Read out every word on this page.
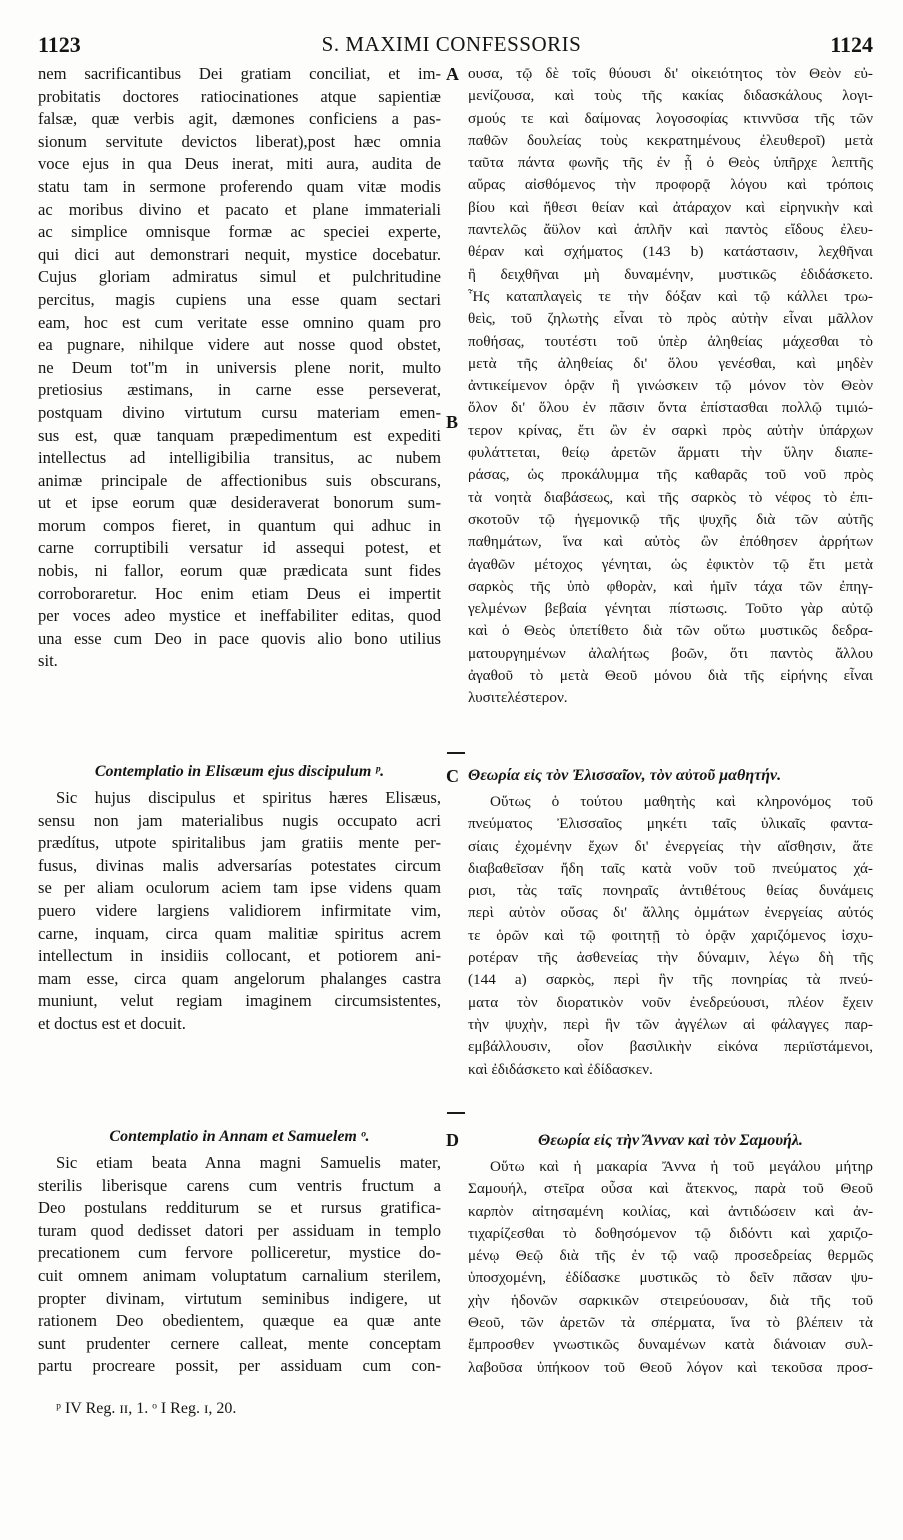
1123	S. MAXIMI CONFESSORIS	1124
nem sacrificantibus Dei gratiam conciliat, et im-
probitatis doctores ratiocinationes atque sapientiæ
falsæ, quæ verbis agit, dæmones conficiens a pas-
sionum servitute devictos liberat),post hæc omnia
voce ejus in qua Deus inerat, miti aura, audita de
statu tam in sermone proferendo quam vitæ modis
ac moribus divino et pacato et plane immateriali
ac simplice omnisque formæ ac speciei experte,
qui dici aut demonstrari nequit, mystice docebatur.
Cujus gloriam admiratus simul et pulchritudine
percitus, magis cupiens una esse quam sectari
eam, hoc est cum veritate esse omnino quam pro
ea pugnare, nihilque videre aut nosse quod obstet,
ne Deum tot"m in universis plene norit, multo
pretiosius æstimans, in carne esse perseverat,
postquam divino virtutum cursu materiam emen-
sus est, quæ tanquam præpedimentum est expediti
intellectus ad intelligibilia transitus, ac nubem
animæ principale de affectionibus suis obscurans,
ut et ipse eorum quæ desideraverat bonorum sum-
morum compos fieret, in quantum qui adhuc in
carne corruptibili versatur id assequi potest, et
nobis, ni fallor, eorum quæ prædicata sunt fides
corroboraretur. Hoc enim etiam Deus ei impertit
per voces adeo mystice et ineffabiliter editas, quod
una esse cum Deo in pace quovis alio bono utilius
sit.
Contemplatio in Elisæum ejus discipulum ᵖ.
Sic hujus discipulus et spiritus hæres Elisæus,
sensu non jam materialibus nugis occupato acri
prædítus, utpote spiritalibus jam gratiis mente per-
fusus, divinas malis adversarías potestates circum
se per aliam oculorum aciem tam ipse videns quam
puero videre largiens validiorem infirmitate vim,
carne, inquam, circa quam malitiæ spiritus acrem
intellectum in insidiis collocant, et potiorem ani-
mam esse, circa quam angelorum phalanges castra
muniunt, velut regiam imaginem circumsistentes,
et doctus est et docuit.
Contemplatio in Annam et Samuelem ᵒ.
Sic etiam beata Anna magni Samuelis mater,
sterilis liberisque carens cum ventris fructum a
Deo postulans redditurum se et rursus gratifica-
turam quod dedisset datori per assiduam in templo
precationem cum fervore polliceretur, mystice do-
cuit omnem animam voluptatum carnalium sterilem,
propter divinam, virtutum seminibus indigere, ut
rationem Deo obedientem, quæque ea quæ ante
sunt prudenter cernere calleat, mente conceptam
partu procreare possit, per assiduam cum con-
ουσα, τῷ δὲ τοῖς θύουσι δι' οἰκειότητος τὸν Θεὸν εὐ-
μενίζουσα, καὶ τοὺς τῆς κακίας διδασκάλους λογι-
σμούς τε καὶ δαίμονας λογοσοφίας κτιννῦσα τῆς τῶν
παθῶν δουλείας τοὺς κεκρατημένους ἐλευθεροῖ) μετὰ
ταῦτα πάντα φωνῆς τῆς ἐν ᾗ ὁ Θεὸς ὑπῆρχε λεπτῆς
αὔρας αἰσθόμενος τὴν προφορᾷ λόγου καὶ τρόποις
βίου καὶ ἤθεσι θείαν καὶ ἀτάραχον καὶ εἰρηνικὴν καὶ
παντελῶς ἄϋλον καὶ ἁπλῆν καὶ παντὸς εἴδους ἐλευ-
θέραν καὶ σχήματος (143 b) κατάστασιν, λεχθῆναι
ἢ δειχθῆναι μὴ δυναμένην, μυστικῶς ἐδιδάσκετο.
Ἧς καταπλαγεὶς τε τὴν δόξαν καὶ τῷ κάλλει τρω-
θεὶς, τοῦ ζηλωτὴς εἶναι τὸ πρὸς αὐτὴν εἶναι μᾶλλον
ποθήσας, τουτέστι τοῦ ὑπὲρ ἀληθείας μάχεσθαι τὸ
μετὰ τῆς ἀληθείας δι' ὅλου γενέσθαι, καὶ μηδὲν
ἀντικείμενον ὁρᾷν ἢ γινώσκειν τῷ μόνον τὸν Θεὸν
ὅλον δι' ὅλου ἐν πᾶσιν ὄντα ἐπίστασθαι πολλῷ τιμιώ-
τερον κρίνας, ἔτι ὢν ἐν σαρκὶ πρὸς αὐτὴν ὑπάρχων
φυλάττεται, θείῳ ἀρετῶν ἅρματι τὴν ὕλην διαπε-
ράσας, ὡς προκάλυμμα τῆς καθαρᾶς τοῦ νοῦ πρὸς
τὰ νοητὰ διαβάσεως, καὶ τῆς σαρκὸς τὸ νέφος τὸ ἐπι-
σκοτοῦν τῷ ἡγεμονικῷ τῆς ψυχῆς διὰ τῶν αὐτῆς
παθημάτων, ἵνα καὶ αὐτὸς ὢν ἐπόθησεν ἀρρήτων
ἀγαθῶν μέτοχος γένηται, ὡς ἐφικτὸν τῷ ἔτι μετὰ
σαρκὸς τῆς ὑπὸ φθορὰν, καὶ ἡμῖν τάχα τῶν ἐπηγ-
γελμένων βεβαία γένηται πίστωσις. Τοῦτο γὰρ αὐτῷ
καὶ ὁ Θεὸς ὑπετίθετο διὰ τῶν οὕτω μυστικῶς δεδρα-
ματουργημένων ἀλαλήτως βοῶν, ὅτι παντὸς ἄλλου
ἀγαθοῦ τὸ μετὰ Θεοῦ μόνου διὰ τῆς εἰρήνης εἶναι
λυσιτελέστερον.
Θεωρία εἰς τὸν Ἐλισσαῖον, τὸν αὐτοῦ μαθητήν.
Οὕτως ὁ τούτου μαθητὴς καὶ κληρονόμος τοῦ
πνεύματος Ἐλισσαῖος μηκέτι ταῖς ὑλικαῖς φαντα-
σίαις ἐχομένην ἔχων δι' ἐνεργείας τὴν αἴσθησιν, ἅτε
διαβαθεῖσαν ἤδη ταῖς κατὰ νοῦν τοῦ πνεύματος χά-
ρισι, τὰς ταῖς πονηραῖς ἀντιθέτους θείας δυνάμεις
περὶ αὐτὸν οὔσας δι' ἄλλης ὀμμάτων ἐνεργείας αὐτός
τε ὁρῶν καὶ τῷ φοιτητῇ τὸ ὁρᾷν χαριζόμενος ἰσχυ-
ροτέραν τῆς ἀσθενείας τὴν δύναμιν, λέγω δὴ τῆς
(144 a) σαρκὸς, περὶ ἣν τῆς πονηρίας τὰ πνεύ-
ματα τὸν διορατικὸν νοῦν ἐνεδρεύουσι, πλέον ἔχειν
τὴν ψυχὴν, περὶ ἣν τῶν ἀγγέλων αἱ φάλαγγες παρ-
εμβάλλουσιν, οἷον βασιλικὴν εἰκόνα περιϊστάμενοι,
καὶ ἐδιδάσκετο καὶ ἐδίδασκεν.
Θεωρία εἰς τὴν Ἄνναν καὶ τὸν Σαμουήλ.
Οὕτω καὶ ἡ μακαρία Ἄννα ἡ τοῦ μεγάλου μήτηρ
Σαμουήλ, στεῖρα οὖσα καὶ ἄτεκνος, παρὰ τοῦ Θεοῦ
καρπὸν αἰτησαμένη κοιλίας, καὶ ἀντιδώσειν καὶ ἀν-
τιχαρίζεσθαι τὸ δοθησόμενον τῷ διδόντι καὶ χαριζο-
μένῳ Θεῷ διὰ τῆς ἐν τῷ ναῷ προσεδρείας θερμῶς
ὑποσχομένη, ἐδίδασκε μυστικῶς τὸ δεῖν πᾶσαν ψυ-
χὴν ἡδονῶν σαρκικῶν στειρεύουσαν, διὰ τῆς τοῦ
Θεοῦ, τῶν ἀρετῶν τὰ σπέρματα, ἵνα τὸ βλέπειν τὰ
ἔμπροσθεν γνωστικῶς δυναμένων κατὰ διάνοιαν συλ-
λαβοῦσα ὑπήκοον τοῦ Θεοῦ λόγον καὶ τεκοῦσα προσ-
A
B
C
D
ᵖ IV Reg. ɪɪ, 1. ᵒ I Reg. ɪ, 20.
